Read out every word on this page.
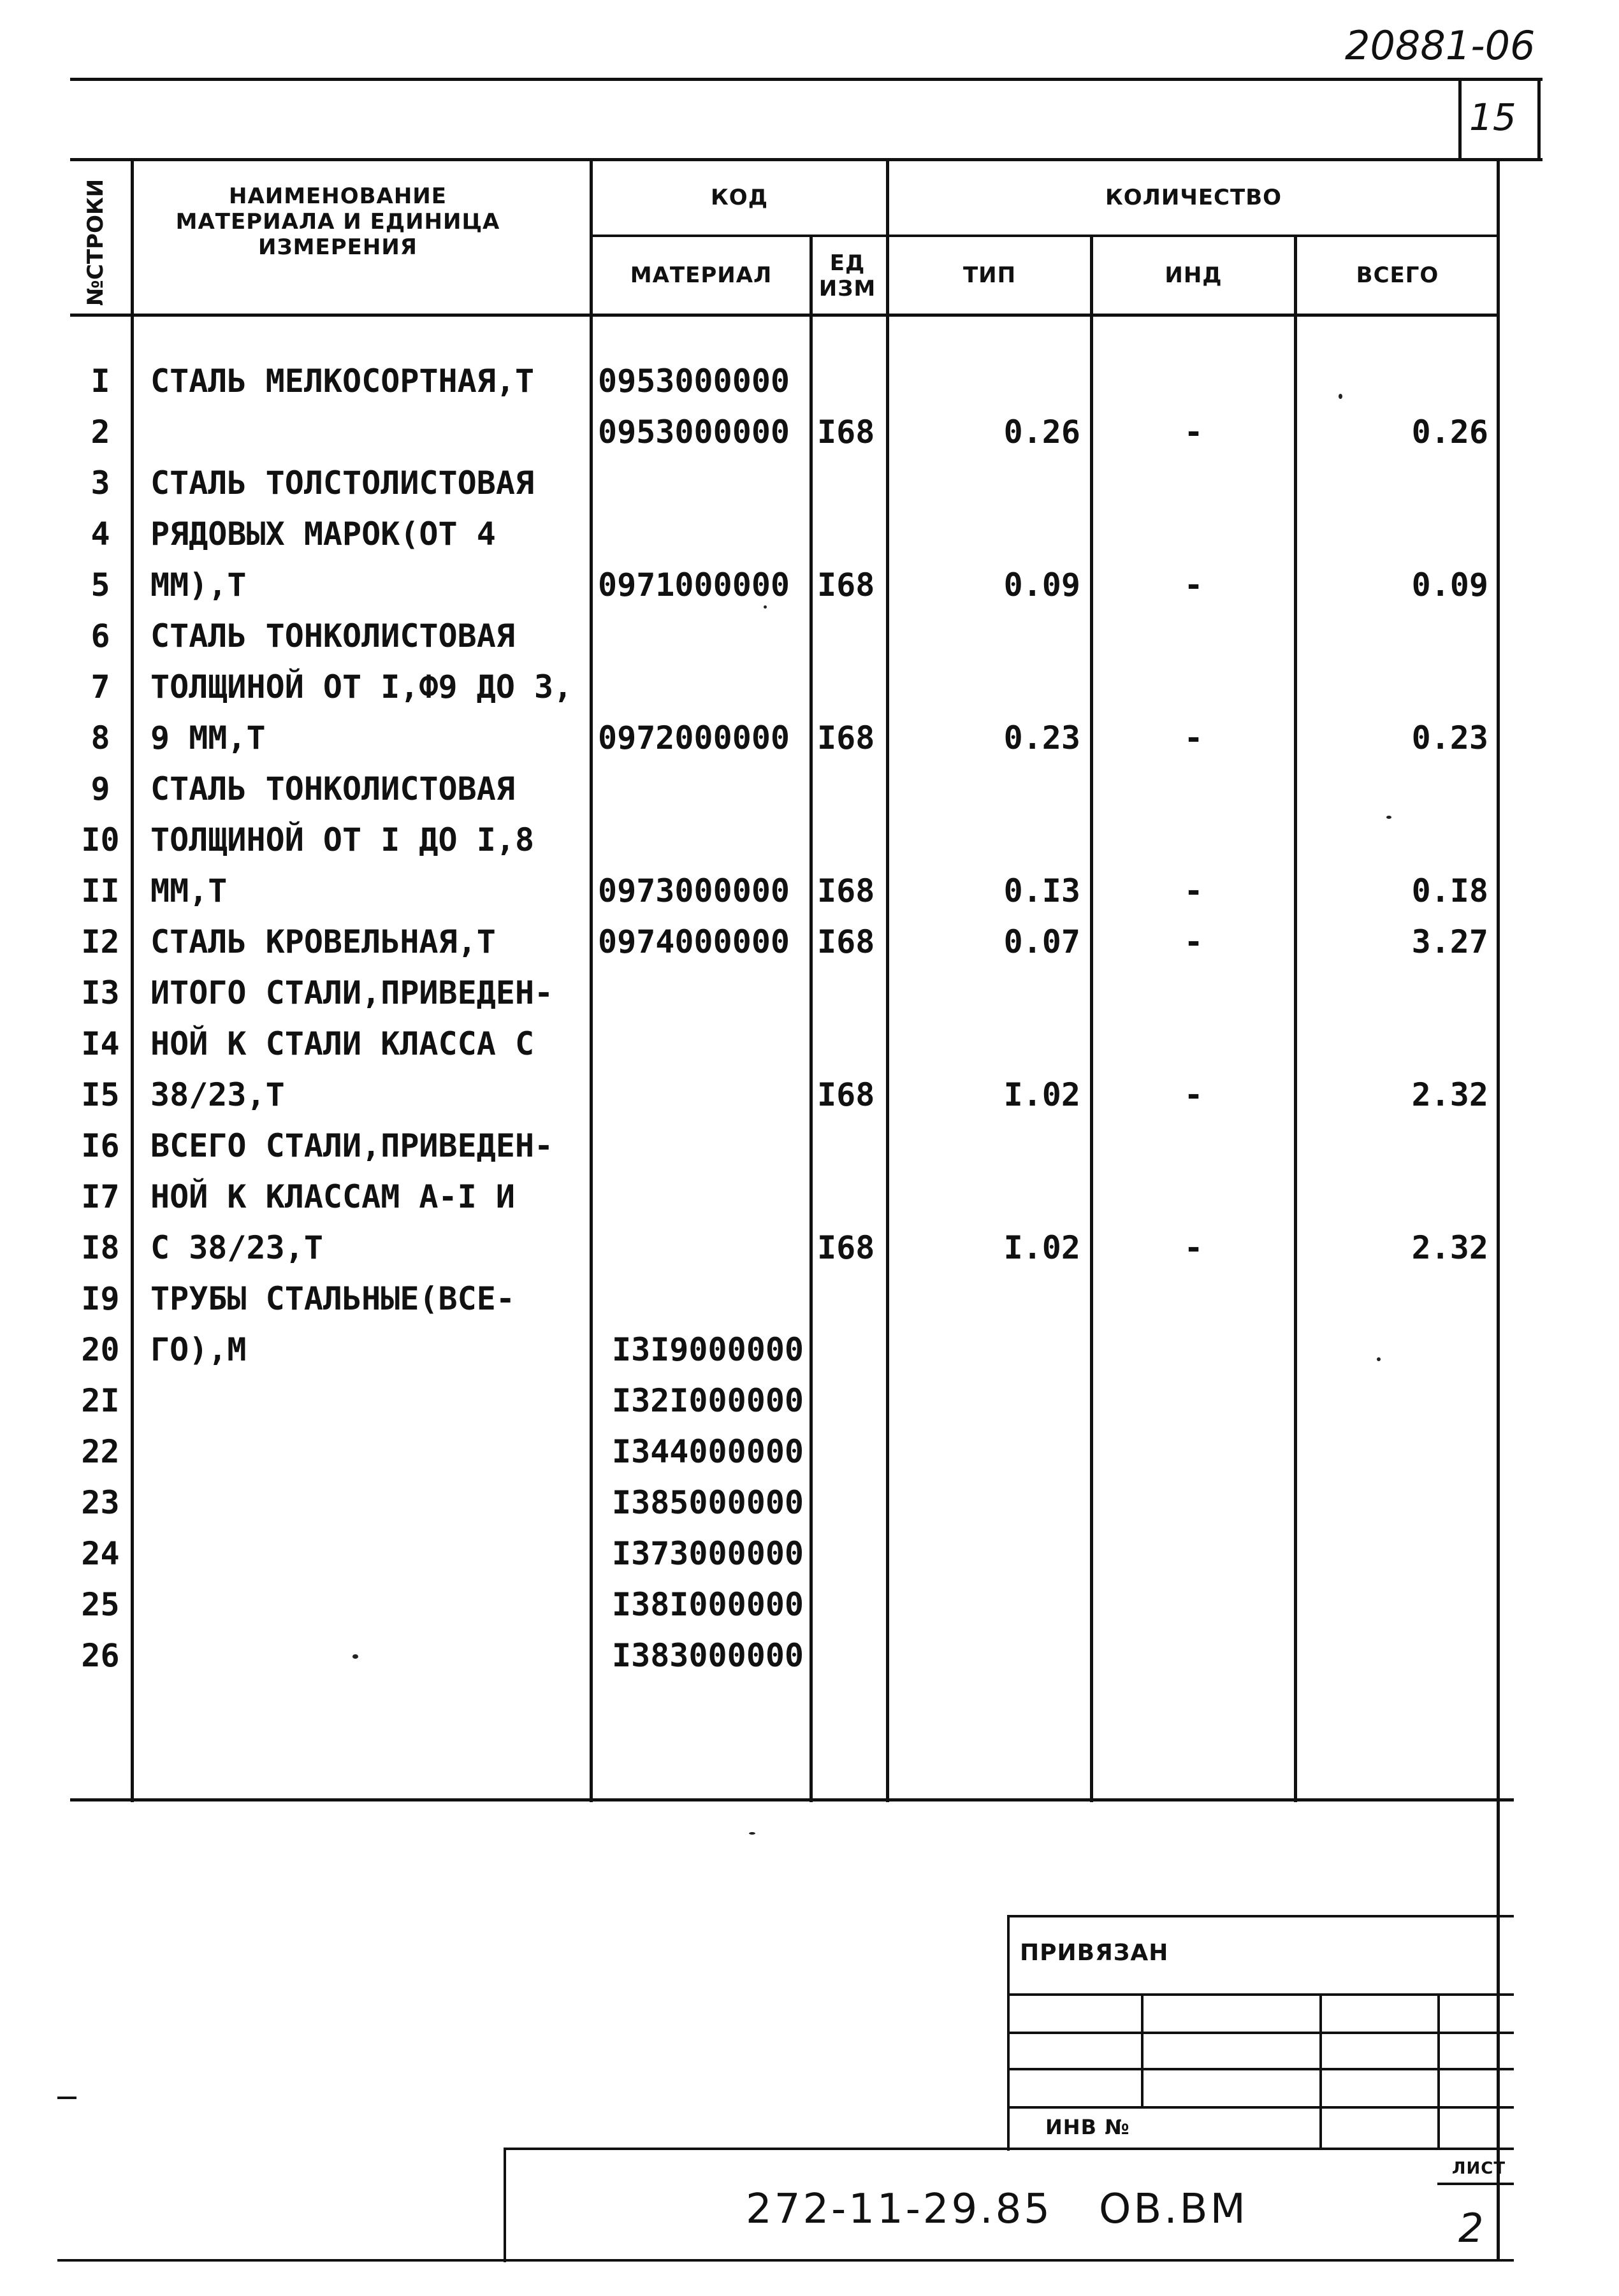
20881-06
15
№СТРОКИ	НАИМЕНОВАНИЕ МАТЕРИАЛА И ЕДИНИЦА ИЗМЕРЕНИЯ
КОД	КОЛИЧЕСТВО
МАТЕРИАЛ	ЕД ИЗМ
ТИП	ИНД	ВСЕГО
I	СТАЛЬ МЕЛКОСОРТНАЯ,Т	0953000000
2	0953000000 I68	0.26	-	0.26
3	СТАЛЬ ТОЛСТОЛИСТОВАЯ
4	РЯДОВЫХ МАРОК(ОТ 4
5	ММ),Т	0971000000 I68	0.09	-	0.09
6	СТАЛЬ ТОНКОЛИСТОВАЯ
7	ТОЛЩИНОЙ ОТ I,Ф9 ДО 3,
8	9 ММ,Т	0972000000 I68	0.23	-	0.23
9	СТАЛЬ ТОНКОЛИСТОВАЯ
I0 ТОЛЩИНОЙ ОТ I ДО I,8
II ММ,Т	0973000000 I68	0.I3	-	0.I8
I2 СТАЛЬ КРОВЕЛЬНАЯ,Т	0974000000 I68	0.07	-	3.27
I3 ИТОГО СТАЛИ,ПРИВЕДЕН-
I4 НОЙ К СТАЛИ КЛАССА С
I5 38/23,Т	I68	I.02	-	2.32
I6 ВСЕГО СТАЛИ,ПРИВЕДЕН-
I7 НОЙ К КЛАССАМ А-I И
I8 С 38/23,Т	I68	I.02	-	2.32
I9 ТРУБЫ СТАЛЬНЫЕ(ВСЕ-
20 ГО),М	I3I9000000
2I	I32I000000
22	I344000000
23	I385000000
24	I373000000
25	I38I000000
26	I383000000
ПРИВЯЗАН
ИНВ №
ЛИСТ
272-11-29.85   ОВ.ВМ	2
